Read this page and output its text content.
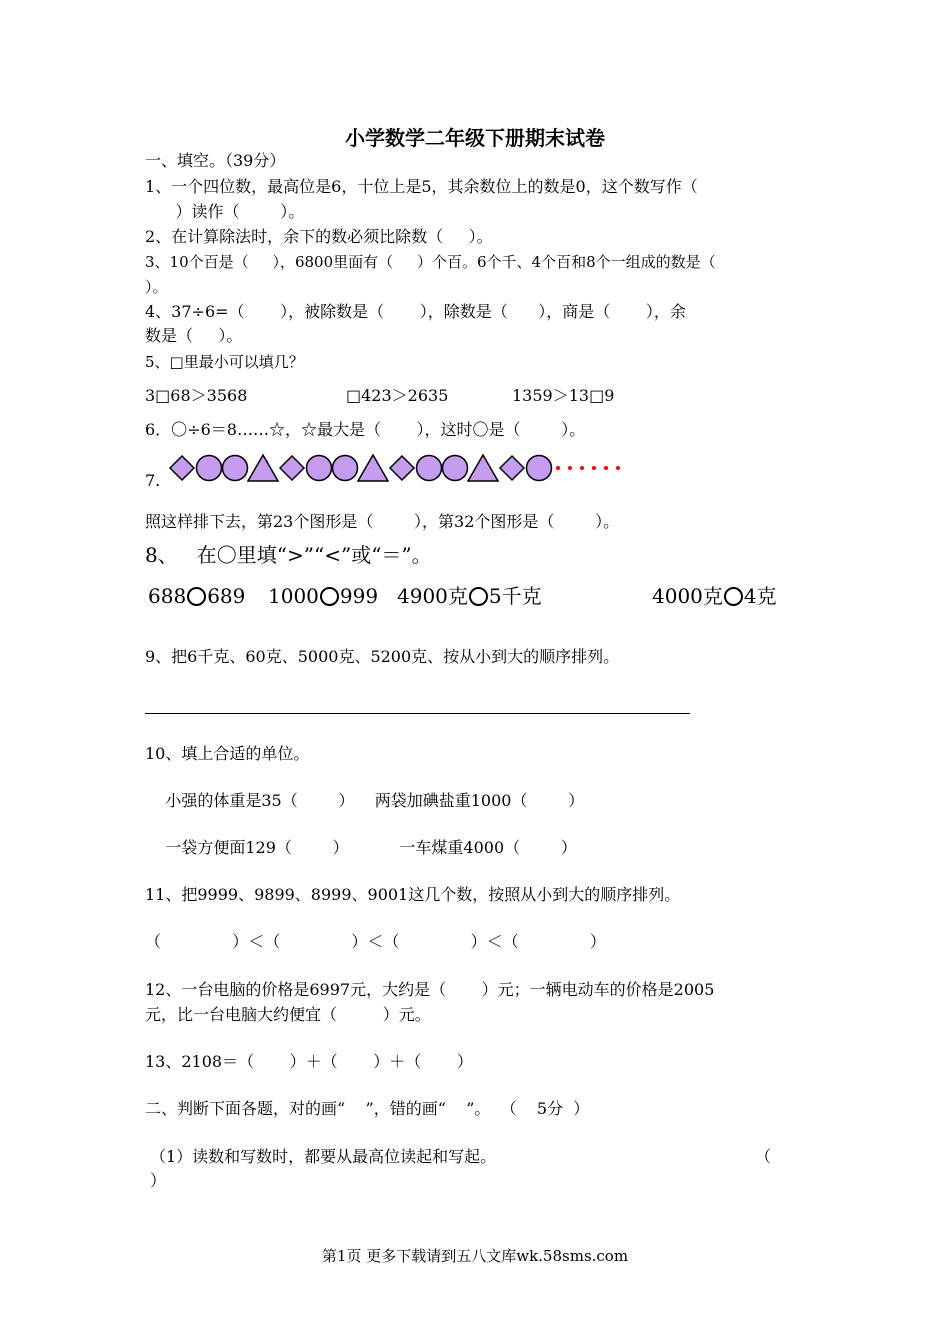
小学数学二年级下册期末试卷
一、填空。（39分）
1、一个四位数，最高位是6，十位上是5，其余数位上的数是0，这个数写作（
）读作（        ）。
2、在计算除法时，余下的数必须比除数（     ）。
3、10个百是（     ），6800里面有（     ）个百。6个千、4个百和8个一组成的数是（
）。
4、37÷6=（       ），被除数是（       ），除数是（      ），商是（       ），余
数是（     ）。
5、□里最小可以填几？
3□68＞3568	□423＞2635	1359＞13□9
6．〇÷6＝8……☆，☆最大是（       ），这时〇是（        ）。
7.
照这样排下去，第23个图形是（        ），第32个图形是（        ）。
8、   在〇里填“>”“<”或“＝”。
688 689 1000 999 4900克 5千克	4000克 4克
9、把6千克、60克、5000克、5200克、按从小到大的顺序排列。
10、填上合适的单位。
小强的体重是35（        ）    两袋加碘盐重1000（        ）
一袋方便面129（        ）          一车煤重4000（        ）
11、把9999、9899、8999、9001这几个数，按照从小到大的顺序排列。
（              ）＜（              ）＜（              ）＜（              ）
12、一台电脑的价格是6997元，大约是（       ）元；一辆电动车的价格是2005
元，比一台电脑大约便宜（         ）元。
13、2108＝（       ）＋（       ）＋（       ）
二、判断下面各题，对的画“    ”，错的画“    ”。  （    5分  ）
（1）读数和写数时，都要从最高位读起和写起。	（
）
第1页 更多下载请到五八文库wk.58sms.com
